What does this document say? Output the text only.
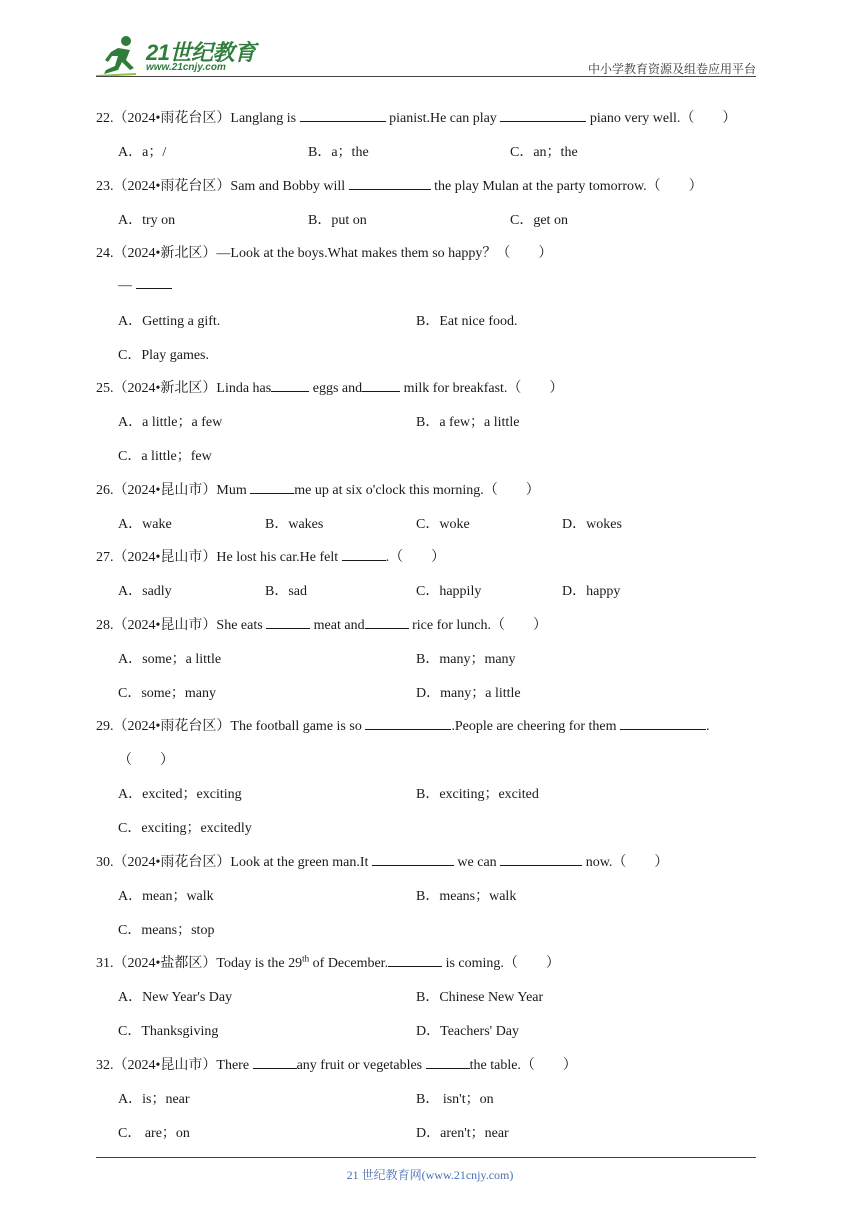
21世纪教育
www.21cnjy.com	中小学教育资源及组卷应用平台
22.（2024•雨花台区）Langlang is	pianist.He can play	piano very well.（　　）
A．a；/	B．a；the	C．an；the
23.（2024•雨花台区）Sam and Bobby will	the play Mulan at the party tomorrow.（　　）
A．try on	B．put on	C．get on
24.（2024•新北区）—Look at the boys.What makes them so happy？（　　）
—
A．Getting a gift.	B．Eat nice food.
C．Play games.
25.（2024•新北区）Linda has	eggs and	milk for breakfast.（　　）
A．a little；a few	B．a few；a little
C．a little；few
26.（2024•昆山市）Mum	me up at six o'clock this morning.（　　）
A．wake	B．wakes	C．woke	D．wokes
27.（2024•昆山市）He lost his car.He felt	.（　　）
A．sadly	B．sad	C．happily	D．happy
28.（2024•昆山市）She eats	meat and	rice for lunch.（　　）
A．some；a little	B．many；many
C．some；many	D．many；a little
29.（2024•雨花台区）The football game is so	.People are cheering for them	.
（　　）
A．excited；exciting	B．exciting；excited
C．exciting；excitedly
30.（2024•雨花台区）Look at the green man.It	we can	now.（　　）
A．mean；walk	B．means；walk
C．means；stop
31.（2024•盐都区）Today is the 29th of December.	is coming.（　　）
A．New Year's Day	B．Chinese New Year
C．Thanksgiving	D．Teachers' Day
32.（2024•昆山市）There	any fruit or vegetables	the table.（　　）
A．is；near	B． isn't；on
C． are；on	D．aren't；near
21 世纪教育网(www.21cnjy.com)
